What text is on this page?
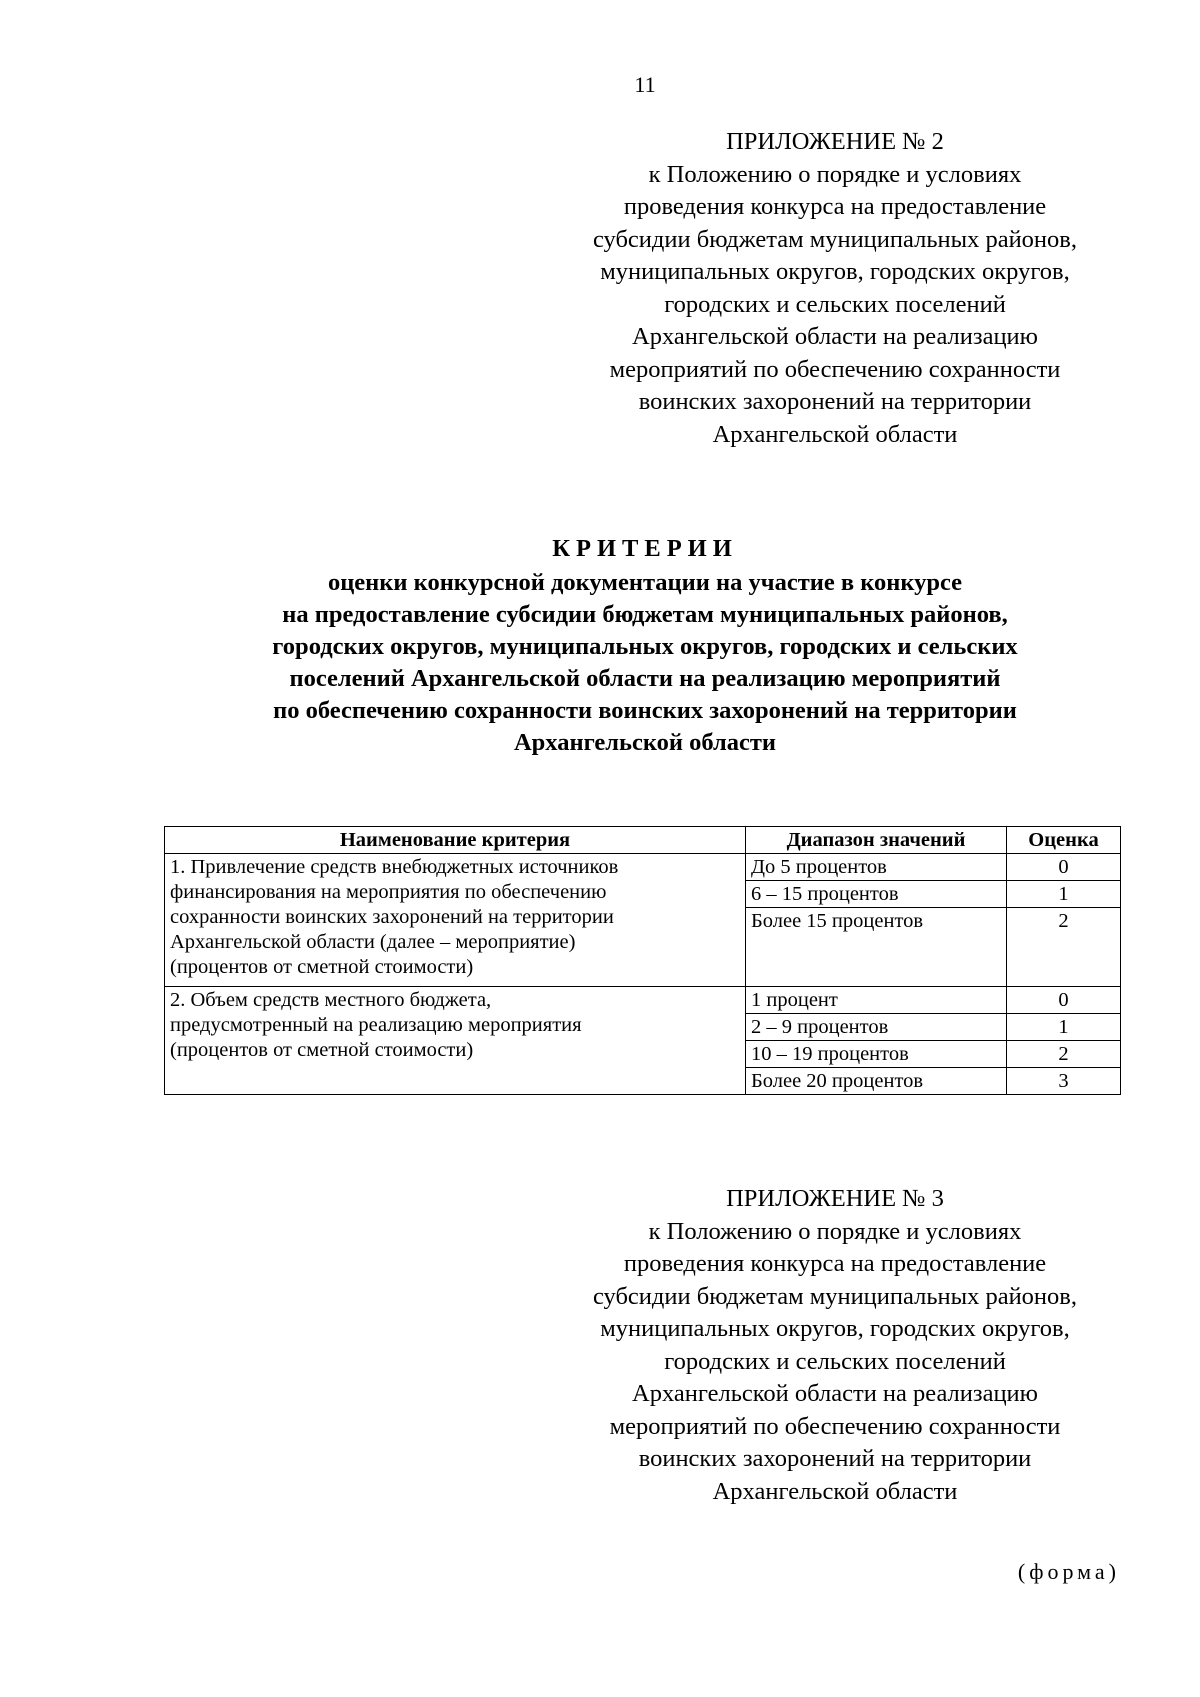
11
ПРИЛОЖЕНИЕ № 2
к Положению о порядке и условиях
проведения конкурса на предоставление
субсидии бюджетам муниципальных районов,
муниципальных округов, городских округов,
городских и сельских поселений
Архангельской области на реализацию
мероприятий по обеспечению сохранности
воинских захоронений на территории
Архангельской области
КРИТЕРИИ
оценки конкурсной документации на участие в конкурсе
на предоставление субсидии бюджетам муниципальных районов,
городских округов, муниципальных округов, городских и сельских
поселений Архангельской области на реализацию мероприятий
по обеспечению сохранности воинских захоронений на территории
Архангельской области
Наименование критерия	Диапазон значений	Оценка

1. Привлечение средств внебюджетных источников
финансирования на мероприятия по обеспечению
сохранности воинских захоронений на территории
Архангельской области (далее – мероприятие)
(процентов от сметной стоимости)	До 5 процентов	0
	6 – 15 процентов	1
	Более 15 процентов	2

2. Объем средств местного бюджета,
предусмотренный на реализацию мероприятия
(процентов от сметной стоимости)	1 процент	0
	2 – 9 процентов	1
	10 – 19 процентов	2
	Более 20 процентов	3
ПРИЛОЖЕНИЕ № 3
к Положению о порядке и условиях
проведения конкурса на предоставление
субсидии бюджетам муниципальных районов,
муниципальных округов, городских округов,
городских и сельских поселений
Архангельской области на реализацию
мероприятий по обеспечению сохранности
воинских захоронений на территории
Архангельской области
(форма)
